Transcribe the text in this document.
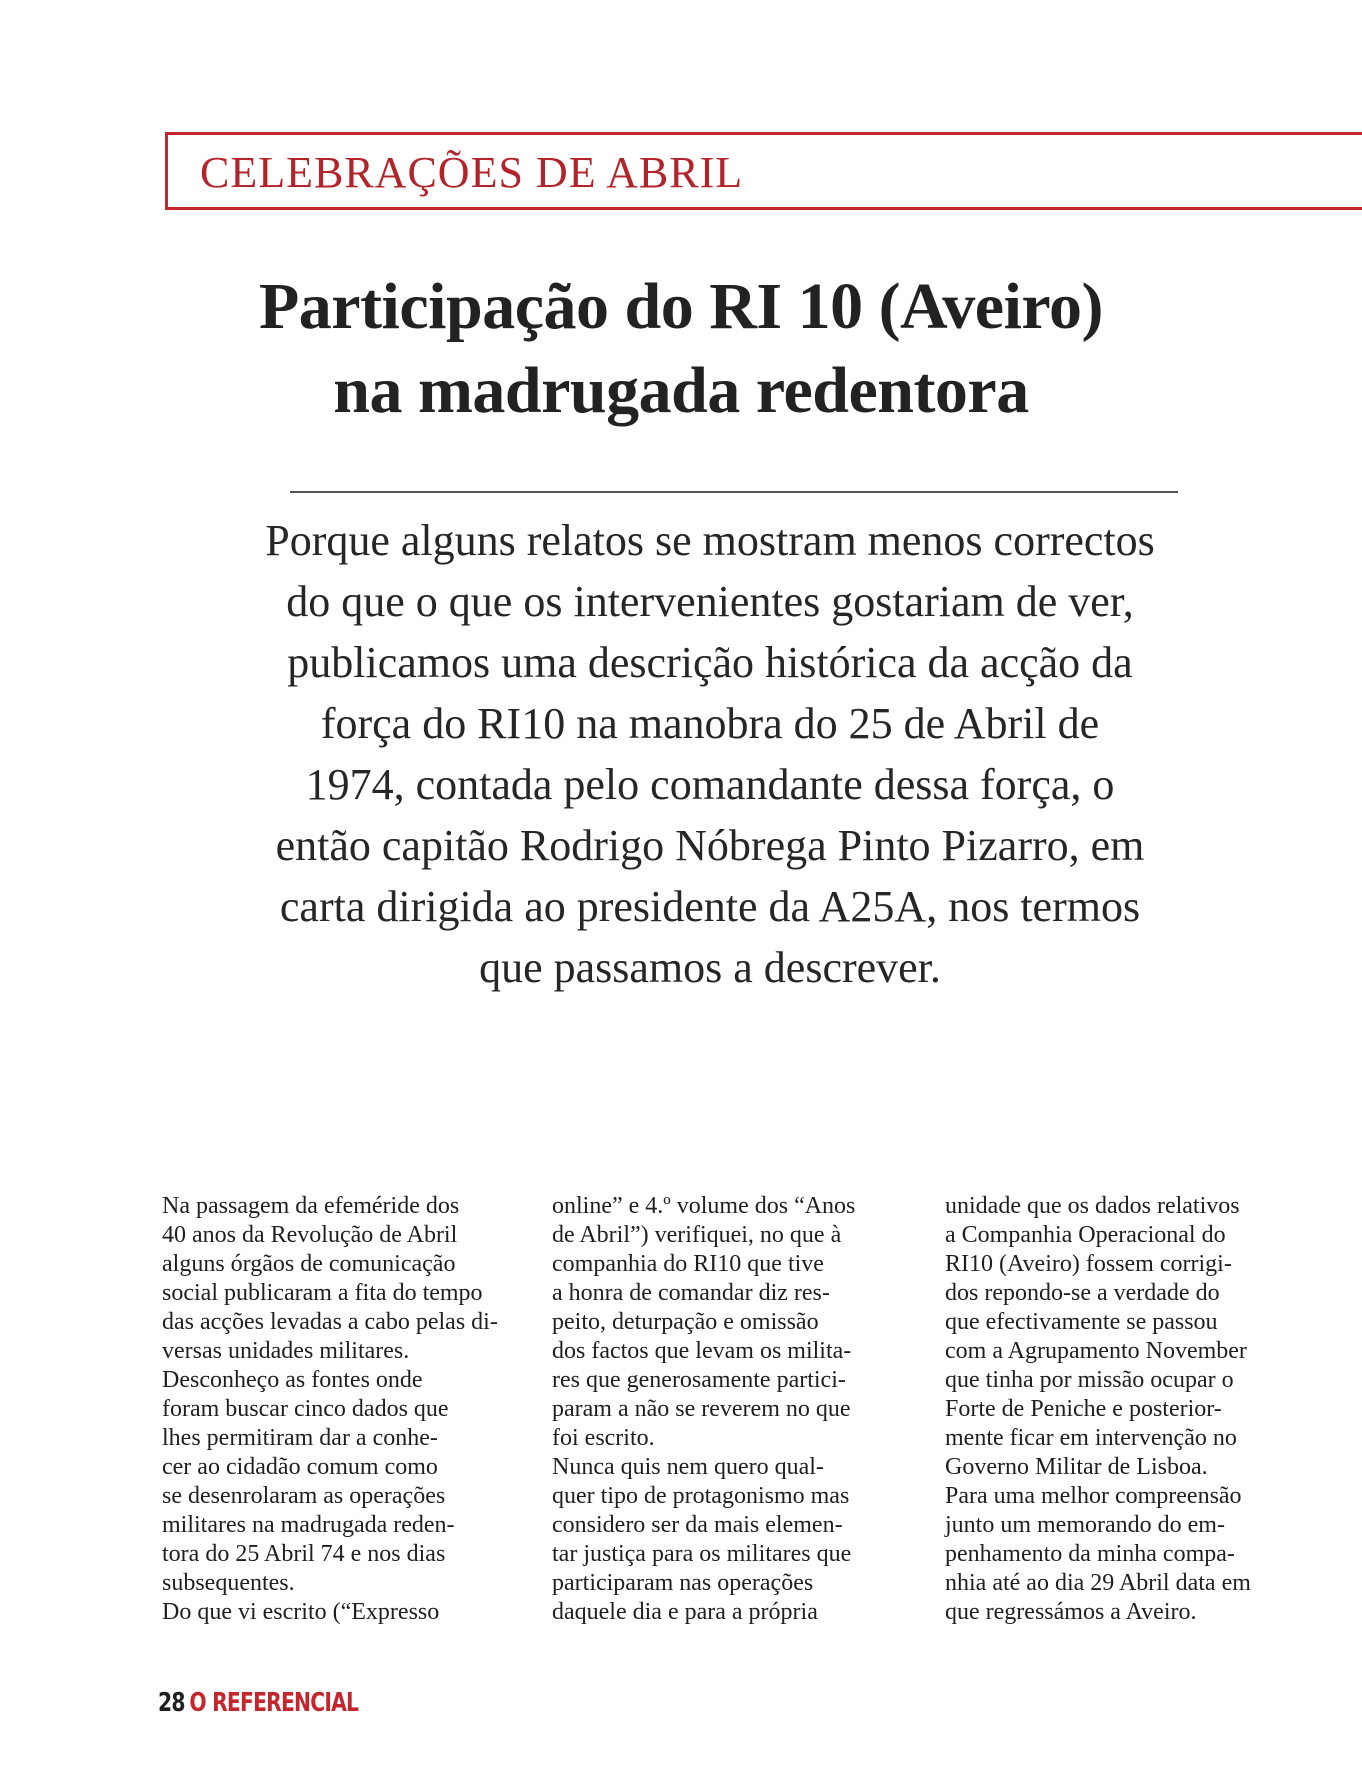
CELEBRAÇÕES DE ABRIL
Participação do RI 10 (Aveiro)
na madrugada redentora
Porque alguns relatos se mostram menos correctos
do que o que os intervenientes gostariam de ver,
publicamos uma descrição histórica da acção da
força do RI10 na manobra do 25 de Abril de
1974, contada pelo comandante dessa força, o
então capitão Rodrigo Nóbrega Pinto Pizarro, em
carta dirigida ao presidente da A25A, nos termos
que passamos a descrever.
Na passagem da efeméride dos
40 anos da Revolução de Abril
alguns órgãos de comunicação
social publicaram a fita do tempo
das acções levadas a cabo pelas di-
versas unidades militares.
Desconheço as fontes onde
foram buscar cinco dados que
lhes permitiram dar a conhe-
cer ao cidadão comum como
se desenrolaram as operações
militares na madrugada reden-
tora do 25 Abril 74 e nos dias
subsequentes.
Do que vi escrito (“Expresso
online” e 4.º volume dos “Anos
de Abril”) verifiquei, no que à
companhia do RI10 que tive
a honra de comandar diz res-
peito, deturpação e omissão
dos factos que levam os milita-
res que generosamente partici-
param a não se reverem no que
foi escrito.
Nunca quis nem quero qual-
quer tipo de protagonismo mas
considero ser da mais elemen-
tar justiça para os militares que
participaram nas operações
daquele dia e para a própria
unidade que os dados relativos
a Companhia Operacional do
RI10 (Aveiro) fossem corrigi-
dos repondo-se a verdade do
que efectivamente se passou
com a Agrupamento November
que tinha por missão ocupar o
Forte de Peniche e posterior-
mente ficar em intervenção no
Governo Militar de Lisboa.
Para uma melhor compreensão
junto um memorando do em-
penhamento da minha compa-
nhia até ao dia 29 Abril data em
que regressámos a Aveiro.
28 O REFERENCIAL
